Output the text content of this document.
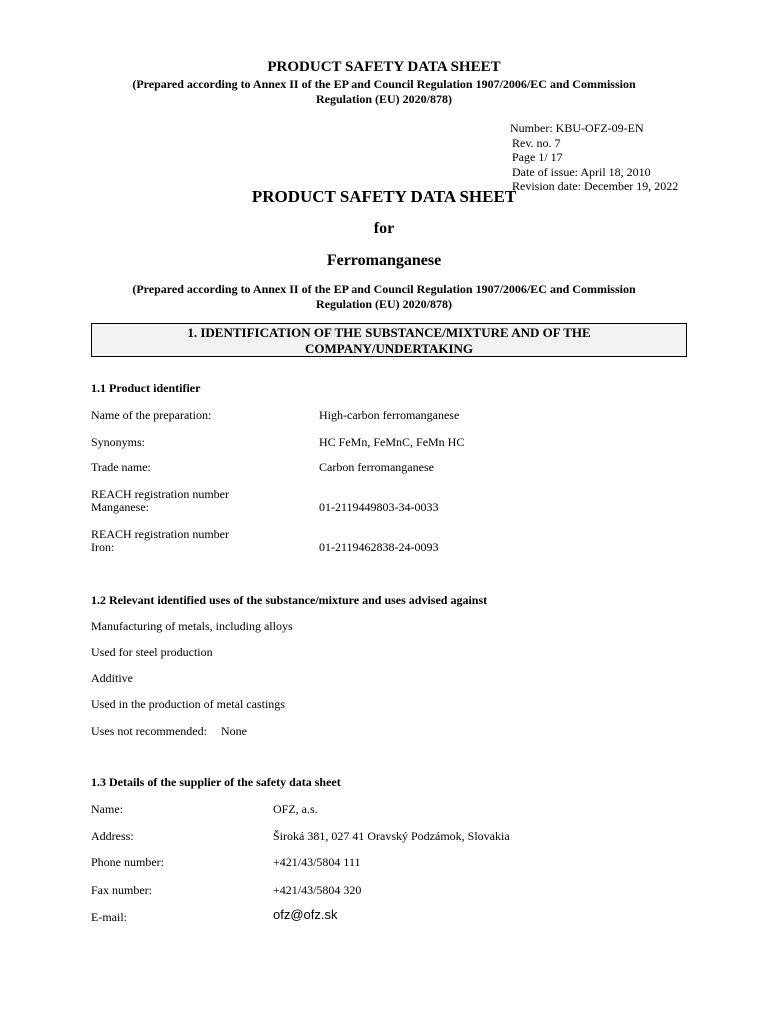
PRODUCT SAFETY DATA SHEET
(Prepared according to Annex II of the EP and Council Regulation 1907/2006/EC and Commission
Regulation (EU) 2020/878)
Number: KBU-OFZ-09-EN
Rev. no. 7
Page 1/ 17
Date of issue: April 18, 2010
Revision date: December 19, 2022
PRODUCT SAFETY DATA SHEET
for
Ferromanganese
(Prepared according to Annex II of the EP and Council Regulation 1907/2006/EC and Commission
Regulation (EU) 2020/878)
1. IDENTIFICATION OF THE SUBSTANCE/MIXTURE AND OF THE
COMPANY/UNDERTAKING
1.1 Product identifier
Name of the preparation:	High-carbon ferromanganese
Synonyms:	HC FeMn, FeMnC, FeMn HC
Trade name:	Carbon ferromanganese
REACH registration number
Manganese:	01-2119449803-34-0033
REACH registration number
Iron:	01-2119462838-24-0093
1.2 Relevant identified uses of the substance/mixture and uses advised against
Manufacturing of metals, including alloys
Used for steel production
Additive
Used in the production of metal castings
Uses not recommended: None
1.3 Details of the supplier of the safety data sheet
Name:	OFZ, a.s.
Address:	Široká 381, 027 41 Oravský Podzámok, Slovakia
Phone number:	+421/43/5804 111
Fax number:	+421/43/5804 320
E-mail:	ofz@ofz.sk
